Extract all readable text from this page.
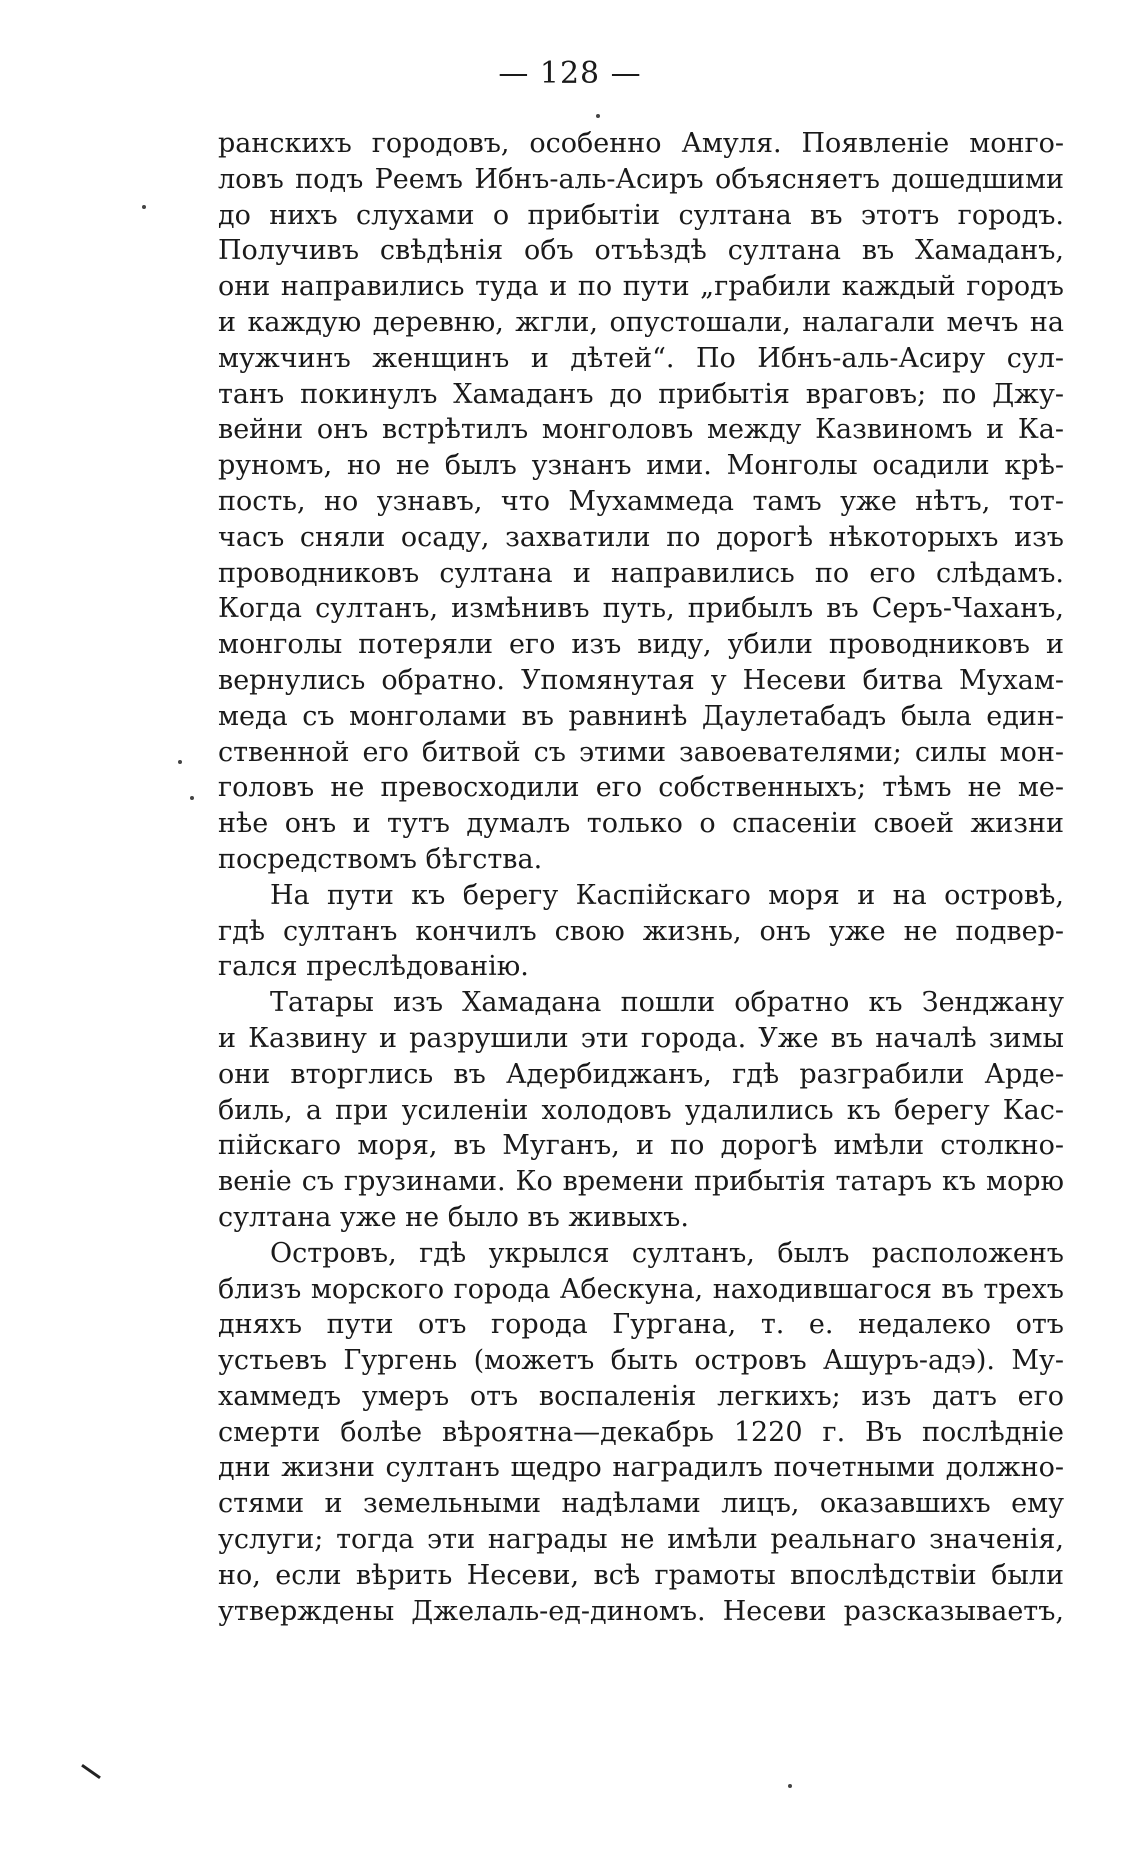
— 128 —
ранскихъ городовъ, особенно Амуля. Появленіе монго-
ловъ подъ Реемъ Ибнъ-аль-Асиръ объясняетъ дошедшими
до нихъ слухами о прибытіи султана въ этотъ городъ.
Получивъ свѣдѣнія объ отъѣздѣ султана въ Хамаданъ,
они направились туда и по пути „грабили каждый городъ
и каждую деревню, жгли, опустошали, налагали мечъ на
мужчинъ женщинъ и дѣтей“. По Ибнъ-аль-Асиру сул-
танъ покинулъ Хамаданъ до прибытія враговъ; по Джу-
вейни онъ встрѣтилъ монголовъ между Казвиномъ и Ка-
руномъ, но не былъ узнанъ ими. Монголы осадили крѣ-
пость, но узнавъ, что Мухаммеда тамъ уже нѣтъ, тот-
часъ сняли осаду, захватили по дорогѣ нѣкоторыхъ изъ
проводниковъ султана и направились по его слѣдамъ.
Когда султанъ, измѣнивъ путь, прибылъ въ Серъ-Чаханъ,
монголы потеряли его изъ виду, убили проводниковъ и
вернулись обратно. Упомянутая у Несеви битва Мухам-
меда съ монголами въ равнинѣ Даулетабадъ была един-
ственной его битвой съ этими завоевателями; силы мон-
головъ не превосходили его собственныхъ; тѣмъ не ме-
нѣе онъ и тутъ думалъ только о спасеніи своей жизни
посредствомъ бѣгства.
На пути къ берегу Каспійскаго моря и на островѣ,
гдѣ султанъ кончилъ свою жизнь, онъ уже не подвер-
гался преслѣдованію.
Татары изъ Хамадана пошли обратно къ Зенджану
и Казвину и разрушили эти города. Уже въ началѣ зимы
они вторглись въ Адербиджанъ, гдѣ разграбили Арде-
биль, а при усиленіи холодовъ удалились къ берегу Кас-
пійскаго моря, въ Муганъ, и по дорогѣ имѣли столкно-
веніе съ грузинами. Ко времени прибытія татаръ къ морю
султана уже не было въ живыхъ.
Островъ, гдѣ укрылся султанъ, былъ расположенъ
близъ морского города Абескуна, находившагося въ трехъ
дняхъ пути отъ города Гургана, т. е. недалеко отъ
устьевъ Гургень (можетъ быть островъ Ашуръ-адэ). Му-
хаммедъ умеръ отъ воспаленія легкихъ; изъ датъ его
смерти болѣе вѣроятна—декабрь 1220 г. Въ послѣдніе
дни жизни султанъ щедро наградилъ почетными должно-
стями и земельными надѣлами лицъ, оказавшихъ ему
услуги; тогда эти награды не имѣли реальнаго значенія,
но, если вѣрить Несеви, всѣ грамоты впослѣдствіи были
утверждены Джелаль-ед-диномъ. Несеви разсказываетъ,
